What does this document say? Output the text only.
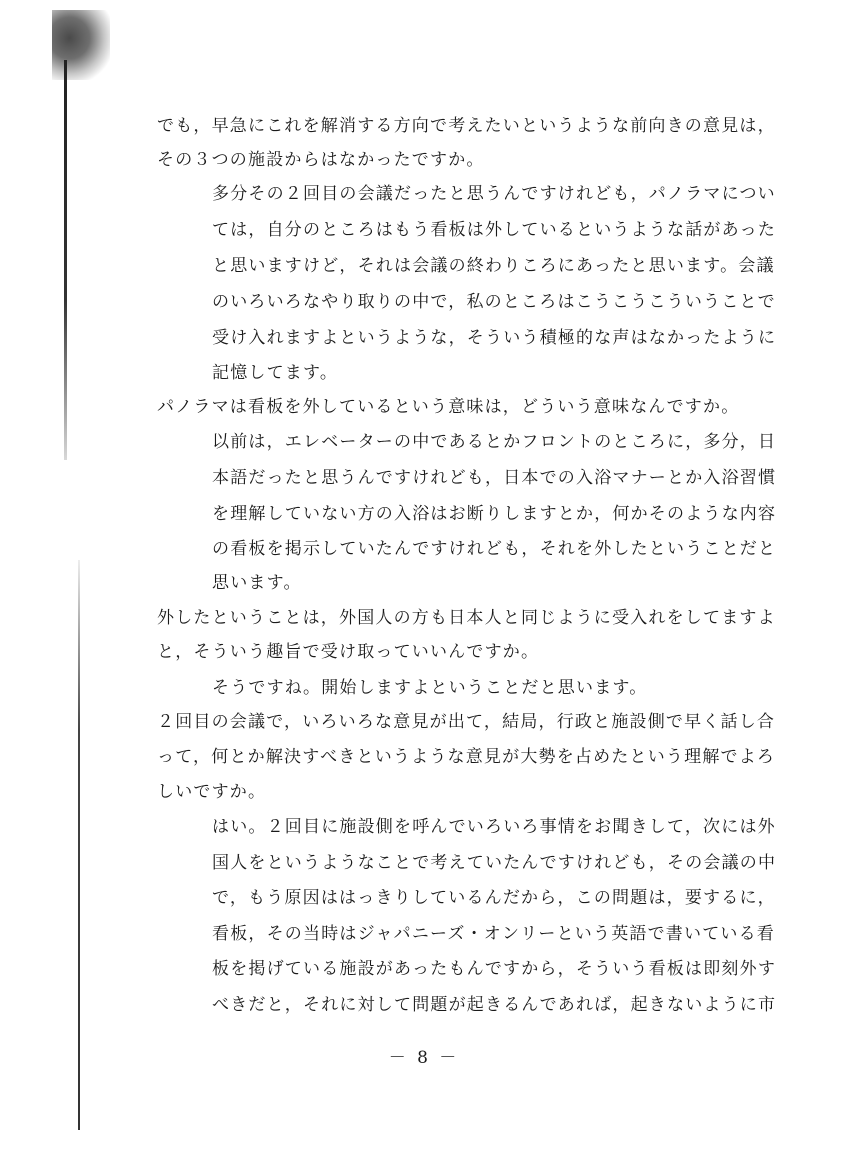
でも，早急にこれを解消する方向で考えたいというような前向きの意見は，
その３つの施設からはなかったですか。
多分その２回目の会議だったと思うんですけれども，パノラマについ
ては，自分のところはもう看板は外しているというような話があった
と思いますけど，それは会議の終わりころにあったと思います。会議
のいろいろなやり取りの中で，私のところはこうこうこういうことで
受け入れますよというような，そういう積極的な声はなかったように
記憶してます。
パノラマは看板を外しているという意味は，どういう意味なんですか。
以前は，エレベーターの中であるとかフロントのところに，多分，日
本語だったと思うんですけれども，日本での入浴マナーとか入浴習慣
を理解していない方の入浴はお断りしますとか，何かそのような内容
の看板を掲示していたんですけれども，それを外したということだと
思います。
外したということは，外国人の方も日本人と同じように受入れをしてますよ
と，そういう趣旨で受け取っていいんですか。
そうですね。開始しますよということだと思います。
２回目の会議で，いろいろな意見が出て，結局，行政と施設側で早く話し合
って，何とか解決すべきというような意見が大勢を占めたという理解でよろ
しいですか。
はい。２回目に施設側を呼んでいろいろ事情をお聞きして，次には外
国人をというようなことで考えていたんですけれども，その会議の中
で，もう原因ははっきりしているんだから，この問題は，要するに，
看板，その当時はジャパニーズ・オンリーという英語で書いている看
板を掲げている施設があったもんですから，そういう看板は即刻外す
べきだと，それに対して問題が起きるんであれば，起きないように市
－ 8 －
